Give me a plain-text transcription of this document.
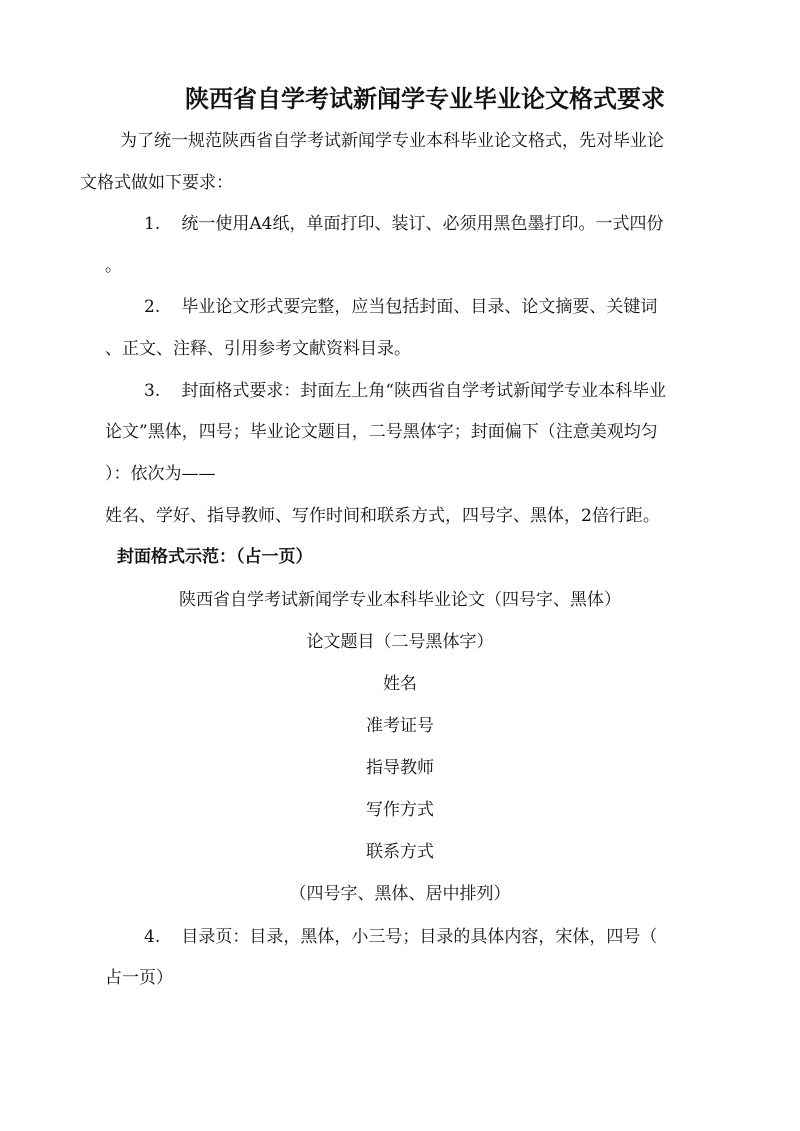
陕西省自学考试新闻学专业毕业论文格式要求
为了统一规范陕西省自学考试新闻学专业本科毕业论文格式，先对毕业论
文格式做如下要求：
1. 统一使用A4纸，单面打印、装订、必须用黑色墨打印。一式四份
。
2. 毕业论文形式要完整，应当包括封面、目录、论文摘要、关键词
、正文、注释、引用参考文献资料目录。
3. 封面格式要求：封面左上角“陕西省自学考试新闻学专业本科毕业
论文”黑体，四号；毕业论文题目，二号黑体字；封面偏下（注意美观均匀
）：依次为——
姓名、学好、指导教师、写作时间和联系方式，四号字、黑体，2倍行距。
封面格式示范：（占一页）
陕西省自学考试新闻学专业本科毕业论文（四号字、黑体）
论文题目（二号黑体字）
姓名
准考证号
指导教师
写作方式
联系方式
（四号字、黑体、居中排列）
4. 目录页：目录，黑体，小三号；目录的具体内容，宋体，四号（
占一页）
